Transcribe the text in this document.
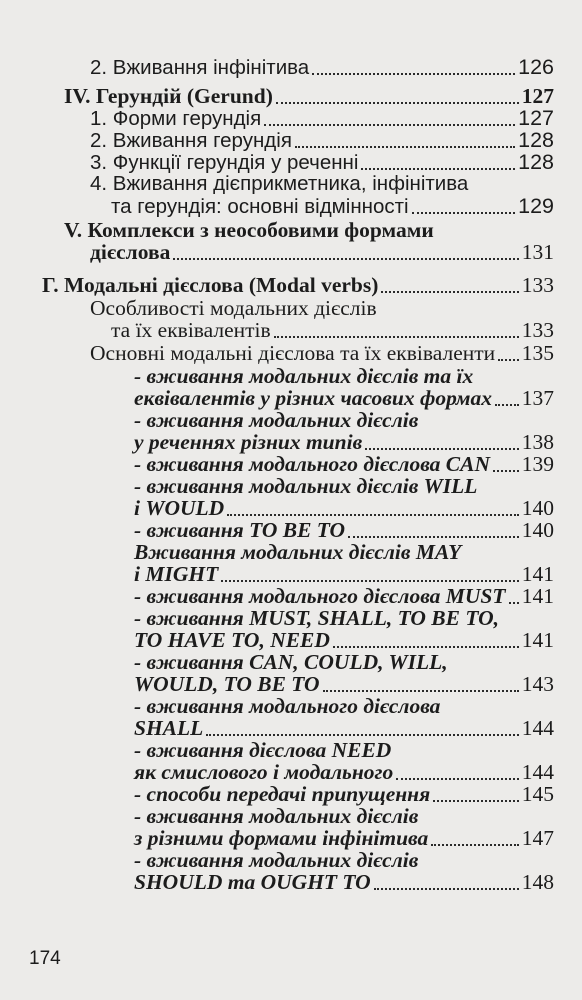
2. Вживання інфінітива	126
IV. Герундій (Gerund)	127
1. Форми герундія	127
2. Вживання герундія	128
3. Функції герундія у реченні	128
4. Вживання дієприкметника, інфінітива
та герундія: основні відмінності	129
V. Комплекси з неособовими формами
дієслова	131
Г. Модальні дієслова (Modal verbs)	133
Особливості модальних дієслів
та їх еквівалентів	133
Основні модальні дієслова та їх еквіваленти 135
- вживання модальних дієслів та їх
еквівалентів у різних часових формах 137
- вживання модальних дієслів
у реченнях різних типів	138
- вживання модального дієслова CAN 139
- вживання модальних дієслів WILL
і WOULD	140
- вживання TO BE TO	140
Вживання модальних дієслів MAY
і MIGHT	141
- вживання модального дієслова MUST 141
- вживання MUST, SHALL, TO BE TO,
TO HAVE TO, NEED	141
- вживання CAN, COULD, WILL,
WOULD, TO BE TO	143
- вживання модального дієслова
SHALL	144
- вживання дієслова NEED
як смислового і модального	144
- способи передачі припущення	145
- вживання модальних дієслів
з різними формами інфінітива	147
- вживання модальних дієслів
SHOULD та OUGHT TO	148
174
